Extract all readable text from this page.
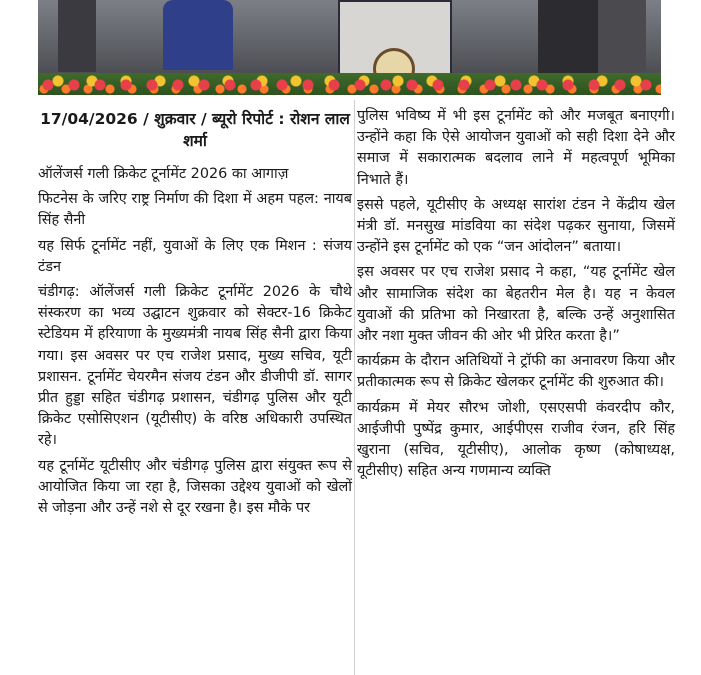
17/04/2026 / शुक्रवार / ब्यूरो रिपोर्ट : रोशन लाल शर्मा

ऑलेंजर्स गली क्रिकेट टूर्नामेंट 2026 का आगाज़

फिटनेस के जरिए राष्ट्र निर्माण की दिशा में अहम पहल: नायब सिंह सैनी

यह सिर्फ टूर्नामेंट नहीं, युवाओं के लिए एक मिशन : संजय टंडन

चंडीगढ़: ऑलेंजर्स गली क्रिकेट टूर्नामेंट 2026 के चौथे संस्करण का भव्य उद्घाटन शुक्रवार को सेक्टर-16 क्रिकेट स्टेडियम में हरियाणा के मुख्यमंत्री नायब सिंह सैनी द्वारा किया गया। इस अवसर पर एच राजेश प्रसाद, मुख्य सचिव, यूटी प्रशासन. टूर्नामेंट चेयरमैन संजय टंडन और डीजीपी डॉ. सागर प्रीत हुड्डा सहित चंडीगढ़ प्रशासन, चंडीगढ़ पुलिस और यूटी क्रिकेट एसोसिएशन (यूटीसीए) के वरिष्ठ अधिकारी उपस्थित रहे।

यह टूर्नामेंट यूटीसीए और चंडीगढ़ पुलिस द्वारा संयुक्त रूप से आयोजित किया जा रहा है, जिसका उद्देश्य युवाओं को खेलों से जोड़ना और उन्हें नशे से दूर रखना है। इस मौके पर

पुलिस भविष्य में भी इस टूर्नामेंट को और मजबूत बनाएगी। उन्होंने कहा कि ऐसे आयोजन युवाओं को सही दिशा देने और समाज में सकारात्मक बदलाव लाने में महत्वपूर्ण भूमिका निभाते हैं।

इससे पहले, यूटीसीए के अध्यक्ष सारांश टंडन ने केंद्रीय खेल मंत्री डॉ. मनसुख मांडविया का संदेश पढ़कर सुनाया, जिसमें उन्होंने इस टूर्नामेंट को एक “जन आंदोलन” बताया।

इस अवसर पर एच राजेश प्रसाद ने कहा, “यह टूर्नामेंट खेल और सामाजिक संदेश का बेहतरीन मेल है। यह न केवल युवाओं की प्रतिभा को निखारता है, बल्कि उन्हें अनुशासित और नशा मुक्त जीवन की ओर भी प्रेरित करता है।”

कार्यक्रम के दौरान अतिथियों ने ट्रॉफी का अनावरण किया और प्रतीकात्मक रूप से क्रिकेट खेलकर टूर्नामेंट की शुरुआत की।

कार्यक्रम में मेयर सौरभ जोशी, एसएसपी कंवरदीप कौर, आईजीपी पुष्पेंद्र कुमार, आईपीएस राजीव रंजन, हरि सिंह खुराना (सचिव, यूटीसीए), आलोक कृष्ण (कोषाध्यक्ष, यूटीसीए) सहित अन्य गणमान्य व्यक्ति
